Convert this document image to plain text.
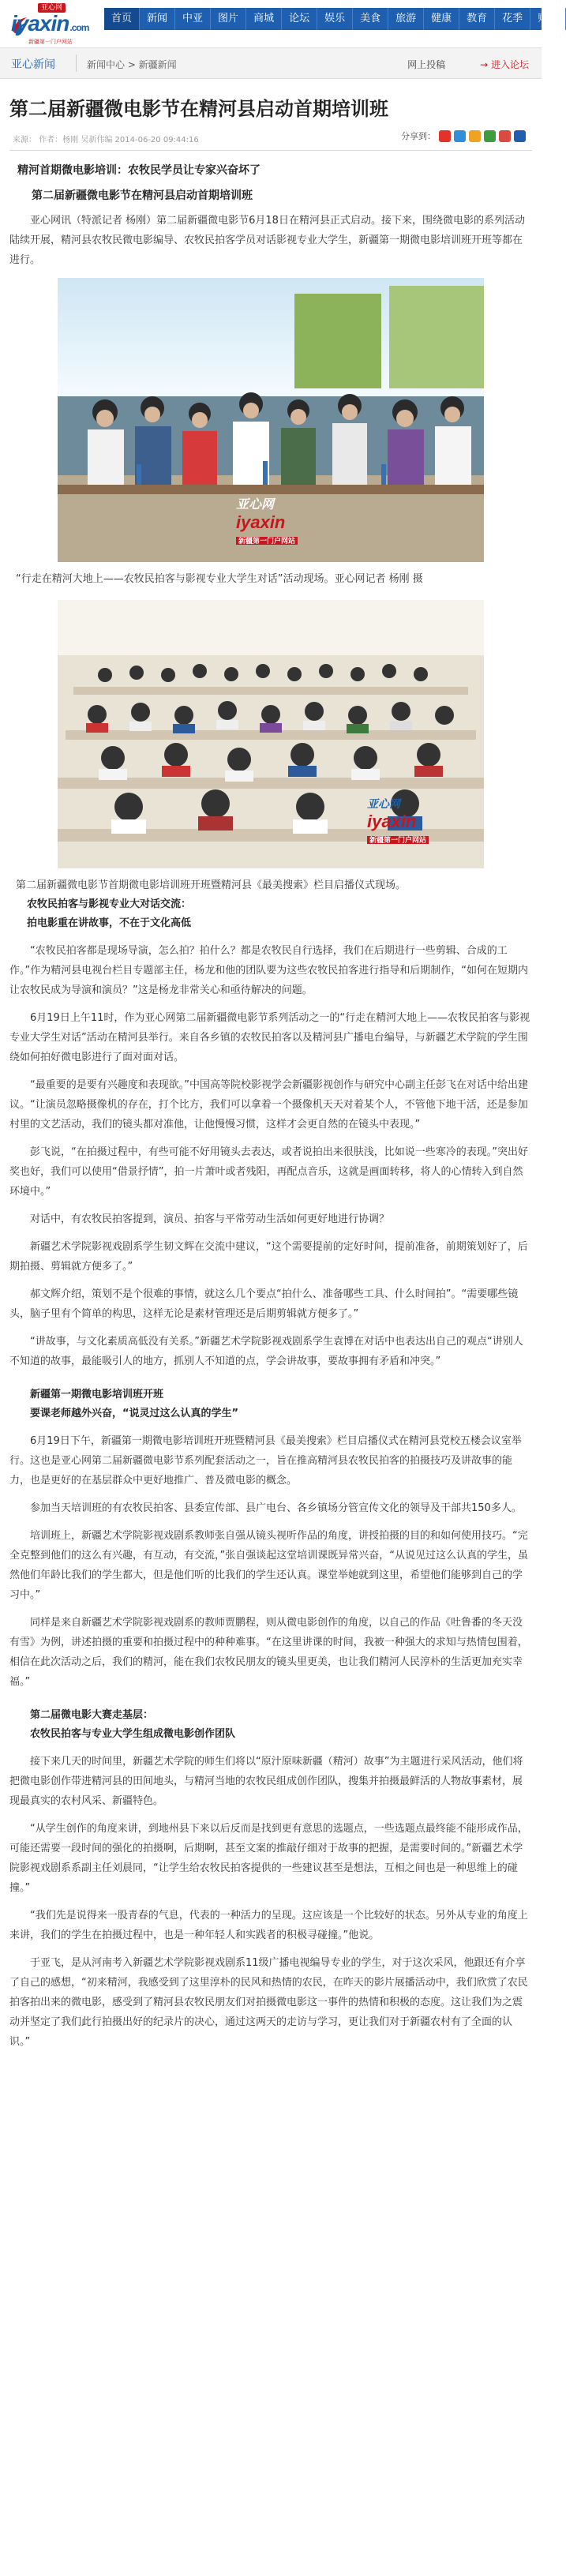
亚心网
iyaxin.com
新疆第一门户网站
首页	新闻	中亚	图片	商城	论坛	娱乐	美食	旅游	健康	教育	花季	财经
亚心新闻	新闻中心 > 新疆新闻	网上投稿	→ 进入论坛
第二届新疆微电影节在精河县启动首期培训班
来源： 作者：杨刚 吴新伟编 2014-06-20 09:44:16	分享到：
精河首期微电影培训：农牧民学员让专家兴奋坏了
第二届新疆微电影节在精河县启动首期培训班

亚心网讯（特派记者 杨刚）第二届新疆微电影节6月18日在精河县正式启动。接下来，围绕微电影的系列活动陆续开展，精河县农牧民微电影编导、农牧民拍客学员对话影视专业大学生，新疆第一期微电影培训班开班等都在进行。

亚心网
iyaxin
新疆第一门户网站
“行走在精河大地上——农牧民拍客与影视专业大学生对话”活动现场。亚心网记者 杨刚 摄
亚心网
iyaxin
新疆第一门户网站
第二届新疆微电影节首期微电影培训班开班暨精河县《最美搜索》栏目启播仪式现场。
农牧民拍客与影视专业大对话交流：
拍电影重在讲故事，不在于文化高低

“农牧民拍客都是现场导演，怎么拍？拍什么？都是农牧民自行选择，我们在后期进行一些剪辑、合成的工作。”作为精河县电视台栏目专题部主任，杨龙和他的团队要为这些农牧民拍客进行指导和后期制作，“如何在短期内让农牧民成为导演和演员？”这是杨龙非常关心和亟待解决的问题。

6月19日上午11时，作为亚心网第二届新疆微电影节系列活动之一的“行走在精河大地上——农牧民拍客与影视专业大学生对话”活动在精河县举行。来自各乡镇的农牧民拍客以及精河县广播电台编导，与新疆艺术学院的学生围绕如何拍好微电影进行了面对面对话。

“最重要的是要有兴趣度和表现欲。”中国高等院校影视学会新疆影视创作与研究中心副主任彭飞在对话中给出建议。“让演员忽略摄像机的存在，打个比方，我们可以拿着一个摄像机天天对着某个人，不管他下地干活，还是参加村里的文艺活动，我们的镜头都对准他，让他慢慢习惯，这样才会更自然的在镜头中表现。”

彭飞说，“在拍摄过程中，有些可能不好用镜头去表达，或者说拍出来很肤浅，比如说一些寒冷的表现。”突出好奖也好，我们可以使用“借景抒情”，拍一片萧叶或者残阳，再配点音乐，这就是画面转移，将人的心情转入到自然环境中。”

对话中，有农牧民拍客提到，演员、拍客与平常劳动生活如何更好地进行协调？

新疆艺术学院影视戏剧系学生韧文辉在交流中建议，“这个需要提前的定好时间，提前准备，前期策划好了，后期拍摄、剪辑就方便多了。”

郝文辉介绍，策划不是个很难的事情，就这么几个要点“拍什么、准备哪些工具、什么时间拍”。“需要哪些镜头，脑子里有个简单的构思，这样无论是素材管理还是后期剪辑就方便多了。”

“讲故事，与文化素质高低没有关系。”新疆艺术学院影视戏剧系学生袁博在对话中也表达出自己的观点“讲别人不知道的故事，最能吸引人的地方，抓别人不知道的点，学会讲故事，要故事拥有矛盾和冲突。”

新疆第一期微电影培训班开班
要课老师越外兴奋，“说灵过这么认真的学生”

6月19日下午，新疆第一期微电影培训班开班暨精河县《最美搜索》栏目启播仪式在精河县党校五楼会议室举行。这也是亚心网第二届新疆微电影节系列配套活动之一，旨在推高精河县农牧民拍客的拍摄技巧及讲故事的能力，也是更好的在基层群众中更好地推广、普及微电影的概念。

参加当天培训班的有农牧民拍客、县委宣传部、县广电台、各乡镇场分管宣传文化的领导及干部共150多人。

培训班上，新疆艺术学院影视戏剧系教师张自强从镜头视听作品的角度，讲授拍摄的目的和如何使用技巧。“完全克整到他们的这么有兴趣，有互动，有交流，”张自强谈起这堂培训课既异常兴奋，“从说见过这么认真的学生，虽然他们年龄比我们的学生都大，但是他们听的比我们的学生还认真。课堂举她就到这里，希望他们能够到自己的学习中。”

同样是来自新疆艺术学院影视戏剧系的教师贾鹏程，则从微电影创作的角度，以自己的作品《吐鲁番的冬天没有雪》为例，讲述拍摄的重要和拍摄过程中的种种难事。“在这里讲课的时间，我被一种强大的求知与热情包围着，相信在此次活动之后，我们的精河，能在我们农牧民朋友的镜头里更美，也让我们精河人民淳朴的生活更加充实幸福。”

第二届微电影大赛走基层：
农牧民拍客与专业大学生组成微电影创作团队

接下来几天的时间里，新疆艺术学院的师生们将以“原汁原味新疆（精河）故事”为主题进行采风活动，他们将把微电影创作带进精河县的田间地头，与精河当地的农牧民组成创作团队，搜集并拍摄最鲜活的人物故事素材，展现最真实的农村风采、新疆特色。

“从学生创作的角度来讲，到地州县下来以后反而是找到更有意思的选题点，一些选题点最终能不能形成作品，可能还需要一段时间的强化的拍摄啊，后期啊，甚至文案的推敲仔细对于故事的把握，是需要时间的。”新疆艺术学院影视戏剧系系副主任刘晨同，“让学生给农牧民拍客提供的一些建议甚至是想法，互相之间也是一种思维上的碰撞。”

“我们先是说得来一股青春的气息，代表的一种活力的呈现。这应该是一个比较好的状态。另外从专业的角度上来讲，我们的学生在拍摄过程中，也是一种年轻人和实践者的积极寻碰撞。”他说。

于亚飞，是从河南考入新疆艺术学院影视戏剧系11级广播电视编导专业的学生，对于这次采风，他跟还有介享了自己的感想，“初来精河，我感受到了这里淳朴的民风和热情的农民，在昨天的影片展播活动中，我们欣赏了农民拍客拍出来的微电影，感受到了精河县农牧民朋友们对拍摄微电影这一事件的热情和积极的态度。这让我们为之震动并坚定了我们此行拍摄出好的纪录片的决心，通过这两天的走访与学习，更让我们对于新疆农村有了全面的认识。”
